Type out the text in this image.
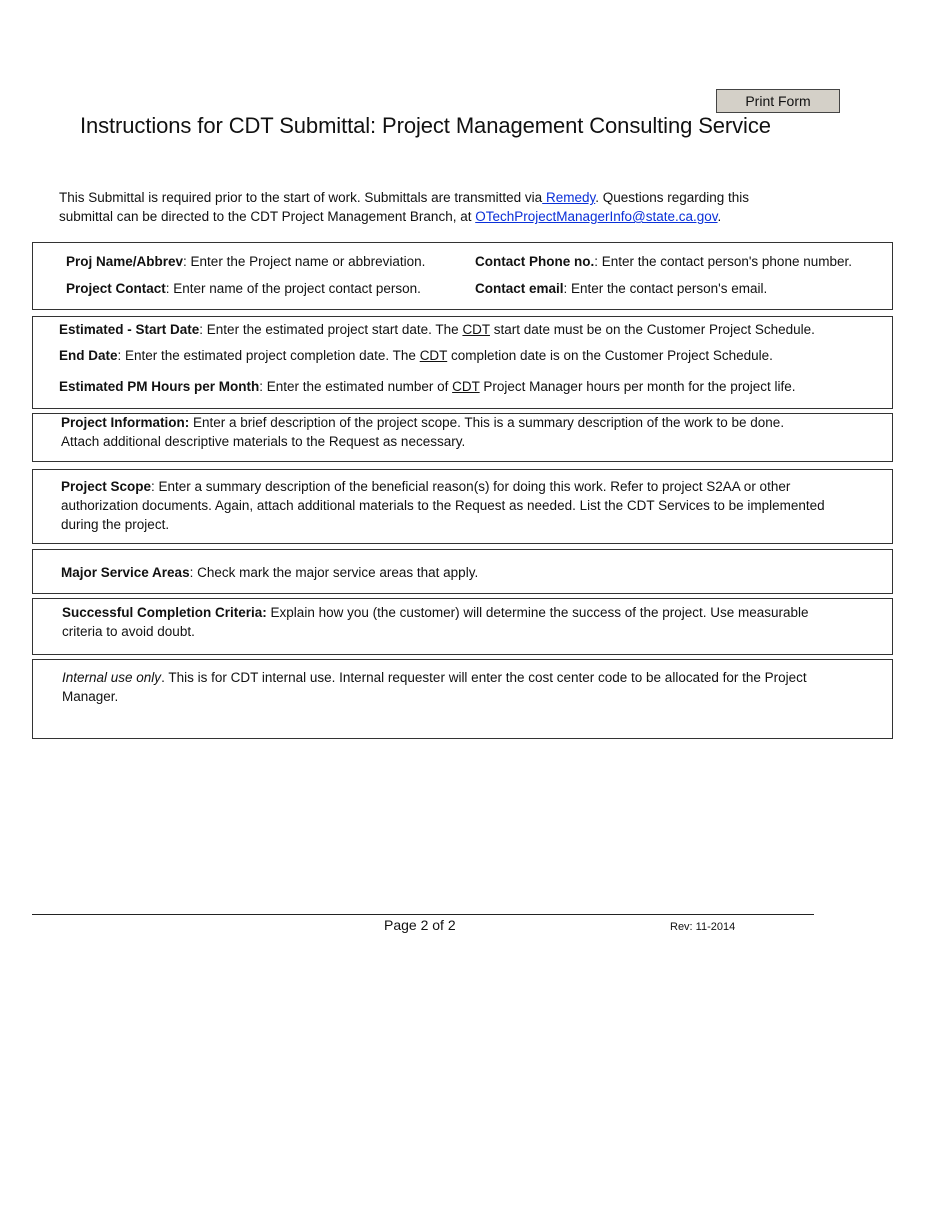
Print Form
Instructions for CDT Submittal: Project Management Consulting Service
This Submittal is required prior to the start of work. Submittals are transmitted via Remedy. Questions regarding this
submittal can be directed to the CDT Project Management Branch, at OTechProjectManagerInfo@state.ca.gov.
Proj Name/Abbrev: Enter the Project name or abbreviation.	Contact Phone no.: Enter the contact person's phone number.
Project Contact: Enter name of the project contact person.	Contact email: Enter the contact person's email.
Estimated - Start Date: Enter the estimated project start date. The CDT start date must be on the Customer Project Schedule.
End Date: Enter the estimated project completion date. The CDT completion date is on the Customer Project Schedule.
Estimated PM Hours per Month: Enter the estimated number of CDT Project Manager hours per month for the project life.
Project Information: Enter a brief description of the project scope. This is a summary description of the work to be done.
Attach additional descriptive materials to the Request as necessary.
Project Scope: Enter a summary description of the beneficial reason(s) for doing this work. Refer to project S2AA or other
authorization documents. Again, attach additional materials to the Request as needed. List the CDT Services to be implemented
during the project.
Major Service Areas: Check mark the major service areas that apply.
Successful Completion Criteria: Explain how you (the customer) will determine the success of the project. Use measurable
criteria to avoid doubt.
Internal use only. This is for CDT internal use. Internal requester will enter the cost center code to be allocated for the Project
Manager.
Page 2 of 2	Rev: 11-2014
